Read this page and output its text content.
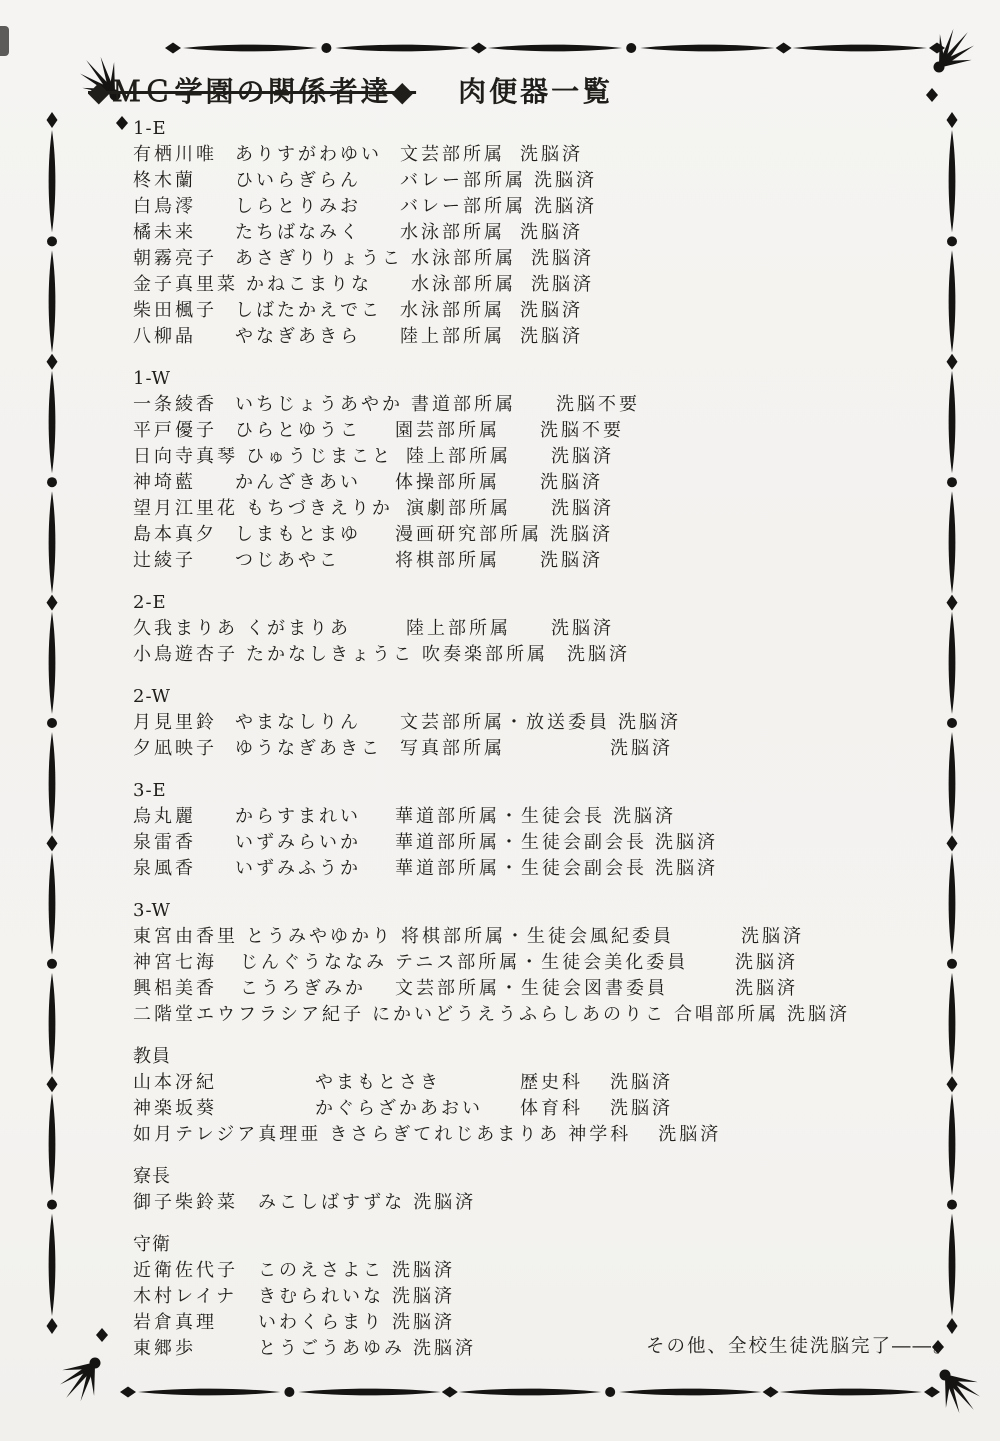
◆ＭＣ学園の関係者達◆ 肉便器一覧
1-E
有栖川唯	ありすがわゆい	文芸部所属 洗脳済
柊木蘭	ひいらぎらん	バレー部所属 洗脳済
白鳥澪	しらとりみお	バレー部所属 洗脳済
橘未来	たちばなみく	水泳部所属 洗脳済
朝霧亮子	あさぎりりょうこ 水泳部所属 洗脳済
金子真里菜 かねこまりな	水泳部所属 洗脳済
柴田楓子	しばたかえでこ	水泳部所属 洗脳済
八柳晶	やなぎあきら	陸上部所属 洗脳済
1-W
一条綾香	いちじょうあやか 書道部所属	洗脳不要
平戸優子	ひらとゆうこ	園芸部所属	洗脳不要
日向寺真琴 ひゅうじまこと 陸上部所属	洗脳済
神埼藍	かんざきあい	体操部所属	洗脳済
望月江里花 もちづきえりか 演劇部所属	洗脳済
島本真夕	しまもとまゆ	漫画研究部所属 洗脳済
辻綾子	つじあやこ	将棋部所属	洗脳済
2-E
久我まりあ くがまりあ	陸上部所属	洗脳済
小鳥遊杏子 たかなしきょうこ 吹奏楽部所属	洗脳済
2-W
月見里鈴	やまなしりん	文芸部所属・放送委員 洗脳済
夕凪映子	ゆうなぎあきこ	写真部所属	洗脳済
3-E
烏丸麗	からすまれい	華道部所属・生徒会長 洗脳済
泉雷香	いずみらいか	華道部所属・生徒会副会長 洗脳済
泉風香	いずみふうか	華道部所属・生徒会副会長 洗脳済
3-W
東宮由香里 とうみやゆかり 将棋部所属・生徒会風紀委員	洗脳済
神宮七海	じんぐうななみ テニス部所属・生徒会美化委員	洗脳済
興梠美香	こうろぎみか	文芸部所属・生徒会図書委員	洗脳済
二階堂エウフラシア紀子 にかいどうえうふらしあのりこ 合唱部所属 洗脳済
教員
山本冴紀	やまもとさき	歴史科	洗脳済
神楽坂葵	かぐらざかあおい	体育科	洗脳済
如月テレジア真理亜 きさらぎてれじあまりあ 神学科	洗脳済
寮長
御子柴鈴菜	みこしばすずな 洗脳済
守衛
近衛佐代子	このえさよこ 洗脳済
木村レイナ	きむられいな 洗脳済
岩倉真理	いわくらまり 洗脳済
東郷歩	とうごうあゆみ 洗脳済	その他、全校生徒洗脳完了――。
